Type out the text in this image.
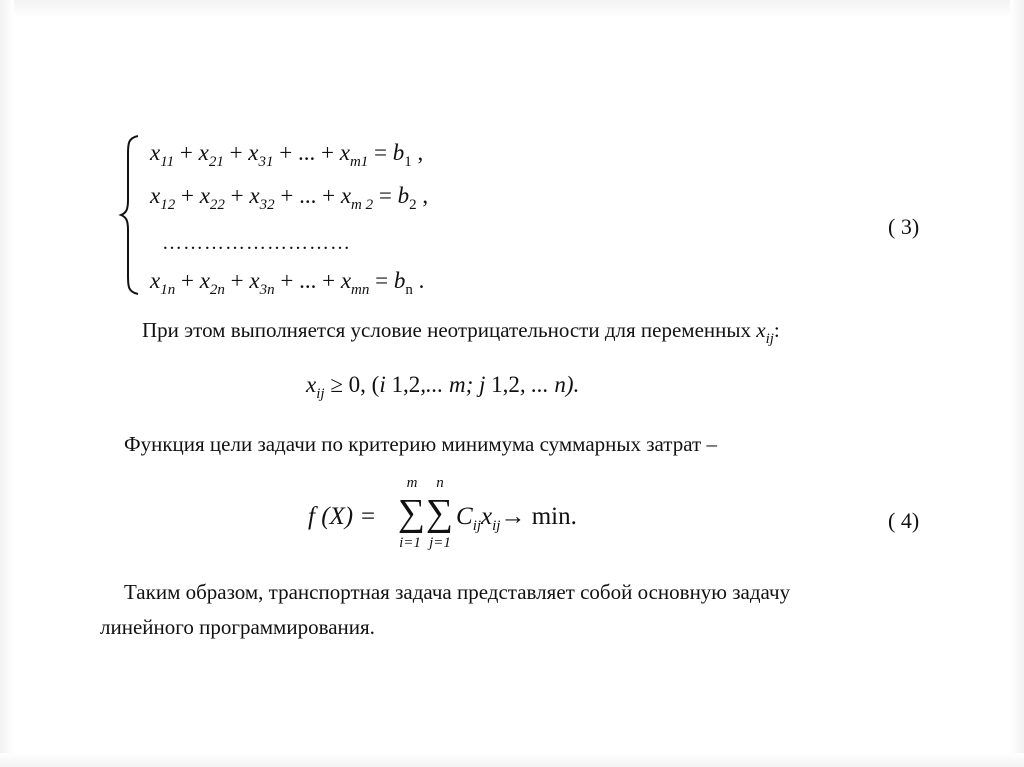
$x_{11} + x_{21} + x_{31}$ + ... + $x_{m1} = b_1$ ,
$x_{12} + x_{22} + x_{32}$ + ... + $x_{m 2} = b_2$ ,
………………………
$x_{1n} + x_{2n} + x_{3n}$ + ... + $x_{mn} = b_n$ .
( 3)
При этом выполняется условие неотрицательности для переменных $x_{ij}$:
$x_{ij} \ge 0$, (i 1,2,... m; j 1,2, ... n).
Функция цели задачи по критерию минимума суммарных затрат –
f (X) =
m
∑
i=1
n
∑
j=1
$C_{ij}x_{ij}\to \min$.	( 4)
Таким образом, транспортная задача представляет собой основную задачу
линейного программирования.
